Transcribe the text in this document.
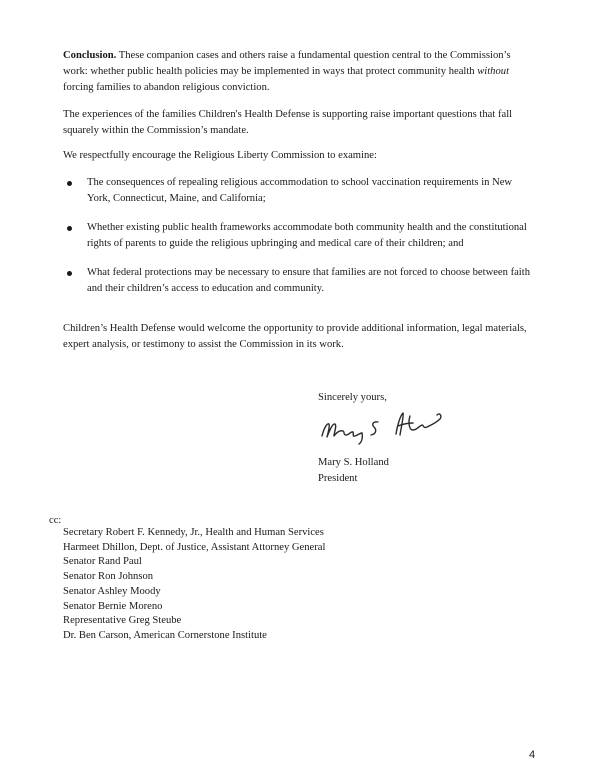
Conclusion. These companion cases and others raise a fundamental question central to the Commission’s work: whether public health policies may be implemented in ways that protect community health without forcing families to abandon religious conviction.

The experiences of the families Children's Health Defense is supporting raise important questions that fall squarely within the Commission’s mandate.

We respectfully encourage the Religious Liberty Commission to examine:

The consequences of repealing religious accommodation to school vaccination requirements in New York, Connecticut, Maine, and California;
Whether existing public health frameworks accommodate both community health and the constitutional rights of parents to guide the religious upbringing and medical care of their children; and
What federal protections may be necessary to ensure that families are not forced to choose between faith and their children’s access to education and community.

Children’s Health Defense would welcome the opportunity to provide additional information, legal materials, expert analysis, or testimony to assist the Commission in its work.

Sincerely yours,

Mary S. Holland
President
cc:
Secretary Robert F. Kennedy, Jr., Health and Human Services
Harmeet Dhillon, Dept. of Justice, Assistant Attorney General
Senator Rand Paul
Senator Ron Johnson
Senator Ashley Moody
Senator Bernie Moreno
Representative Greg Steube
Dr. Ben Carson, American Cornerstone Institute
4
